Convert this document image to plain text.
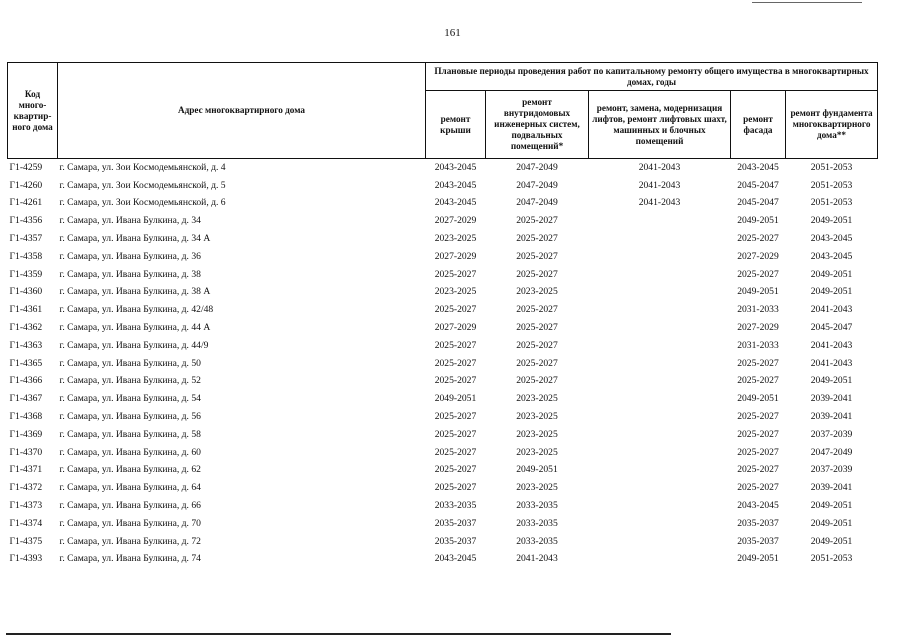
161
Код много-квартир-ного дома	Адрес многоквартирного дома	Плановые периоды проведения работ по капитальному ремонту общего имущества в многоквартирных домах, годы				
		ремонт крыши	ремонт внутридомовых инженерных систем, подвальных помещений*	ремонт, замена, модернизация лифтов, ремонт лифтовых шахт, машинных и блочных помещений	ремонт фасада	ремонт фундамента многоквартирного дома**
Г1-4259	г. Самара, ул. Зои Космодемьянской, д. 4	2043-2045	2047-2049	2041-2043	2043-2045	2051-2053
Г1-4260	г. Самара, ул. Зои Космодемьянской, д. 5	2043-2045	2047-2049	2041-2043	2045-2047	2051-2053
Г1-4261	г. Самара, ул. Зои Космодемьянской, д. 6	2043-2045	2047-2049	2041-2043	2045-2047	2051-2053
Г1-4356	г. Самара, ул. Ивана Булкина, д. 34	2027-2029	2025-2027		2049-2051	2049-2051
Г1-4357	г. Самара, ул. Ивана Булкина, д. 34 А	2023-2025	2025-2027		2025-2027	2043-2045
Г1-4358	г. Самара, ул. Ивана Булкина, д. 36	2027-2029	2025-2027		2027-2029	2043-2045
Г1-4359	г. Самара, ул. Ивана Булкина, д. 38	2025-2027	2025-2027		2025-2027	2049-2051
Г1-4360	г. Самара, ул. Ивана Булкина, д. 38 А	2023-2025	2023-2025		2049-2051	2049-2051
Г1-4361	г. Самара, ул. Ивана Булкина, д. 42/48	2025-2027	2025-2027		2031-2033	2041-2043
Г1-4362	г. Самара, ул. Ивана Булкина, д. 44 А	2027-2029	2025-2027		2027-2029	2045-2047
Г1-4363	г. Самара, ул. Ивана Булкина, д. 44/9	2025-2027	2025-2027		2031-2033	2041-2043
Г1-4365	г. Самара, ул. Ивана Булкина, д. 50	2025-2027	2025-2027		2025-2027	2041-2043
Г1-4366	г. Самара, ул. Ивана Булкина, д. 52	2025-2027	2025-2027		2025-2027	2049-2051
Г1-4367	г. Самара, ул. Ивана Булкина, д. 54	2049-2051	2023-2025		2049-2051	2039-2041
Г1-4368	г. Самара, ул. Ивана Булкина, д. 56	2025-2027	2023-2025		2025-2027	2039-2041
Г1-4369	г. Самара, ул. Ивана Булкина, д. 58	2025-2027	2023-2025		2025-2027	2037-2039
Г1-4370	г. Самара, ул. Ивана Булкина, д. 60	2025-2027	2023-2025		2025-2027	2047-2049
Г1-4371	г. Самара, ул. Ивана Булкина, д. 62	2025-2027	2049-2051		2025-2027	2037-2039
Г1-4372	г. Самара, ул. Ивана Булкина, д. 64	2025-2027	2023-2025		2025-2027	2039-2041
Г1-4373	г. Самара, ул. Ивана Булкина, д. 66	2033-2035	2033-2035		2043-2045	2049-2051
Г1-4374	г. Самара, ул. Ивана Булкина, д. 70	2035-2037	2033-2035		2035-2037	2049-2051
Г1-4375	г. Самара, ул. Ивана Булкина, д. 72	2035-2037	2033-2035		2035-2037	2049-2051
Г1-4393	г. Самара, ул. Ивана Булкина, д. 74	2043-2045	2041-2043		2049-2051	2051-2053
